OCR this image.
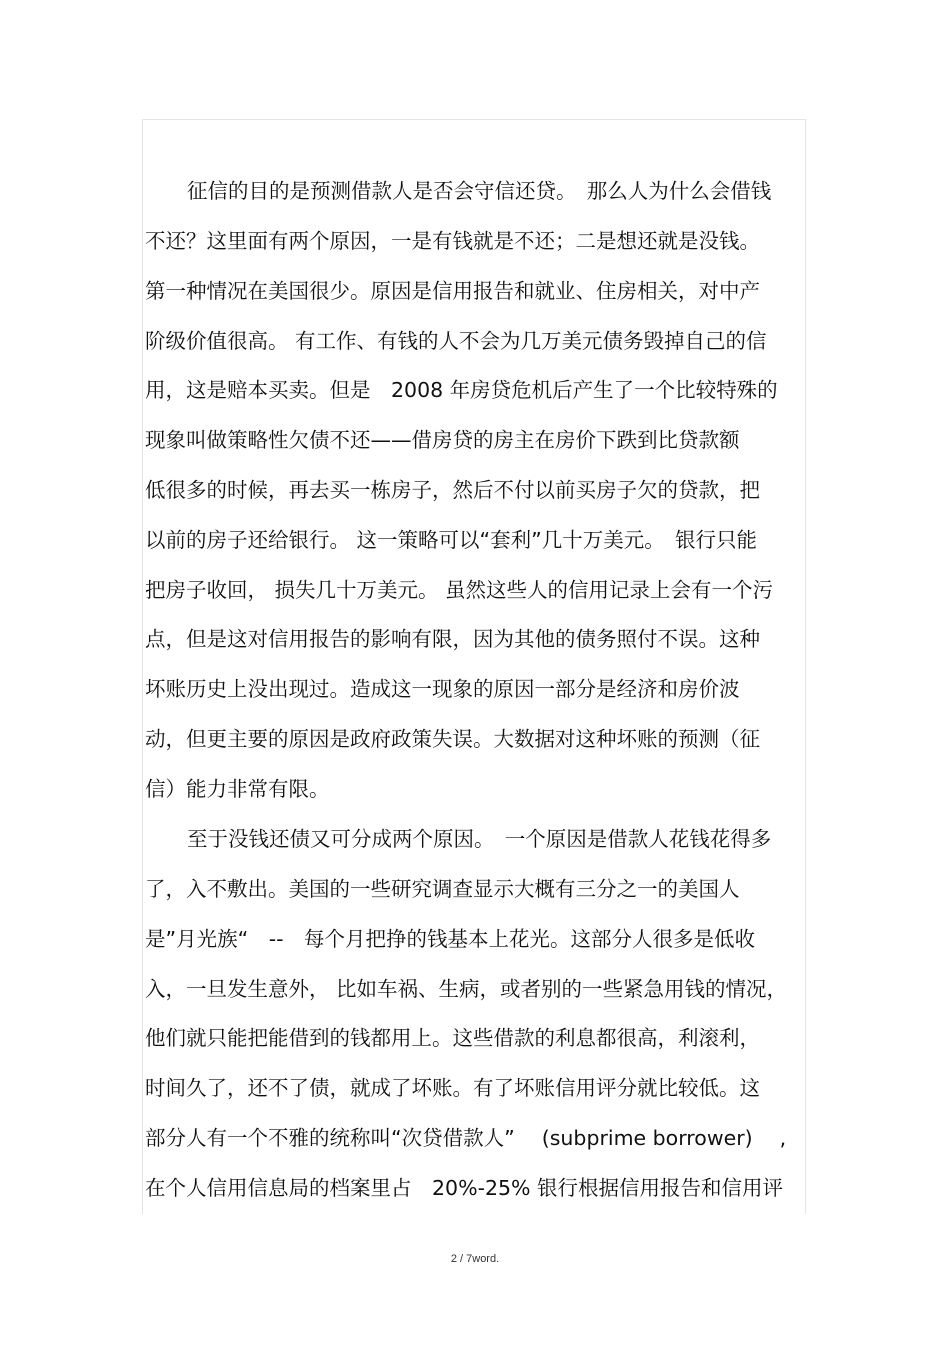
征信的目的是预测借款人是否会守信还贷。　那么人为什么会借钱
不还？这里面有两个原因，一是有钱就是不还；二是想还就是没钱。
第一种情况在美国很少。原因是信用报告和就业、住房相关，对中产
阶级价值很高。 有工作、有钱的人不会为几万美元债务毁掉自己的信
用，这是赔本买卖。但是　2008 年房贷危机后产生了一个比较特殊的
现象叫做策略性欠债不还——借房贷的房主在房价下跌到比贷款额
低很多的时候，再去买一栋房子，然后不付以前买房子欠的贷款，把
以前的房子还给银行。 这一策略可以“套利”几十万美元。　银行只能
把房子收回， 损失几十万美元。 虽然这些人的信用记录上会有一个污
点，但是这对信用报告的影响有限，因为其他的债务照付不误。这种
坏账历史上没出现过。造成这一现象的原因一部分是经济和房价波
动，但更主要的原因是政府政策失误。大数据对这种坏账的预测（征
信）能力非常有限。
至于没钱还债又可分成两个原因。　一个原因是借款人花钱花得多
了，入不敷出。美国的一些研究调查显示大概有三分之一的美国人
是”月光族“　--　每个月把挣的钱基本上花光。这部分人很多是低收
入，一旦发生意外， 比如车祸、生病，或者别的一些紧急用钱的情况，
他们就只能把能借到的钱都用上。这些借款的利息都很高，利滚利，
时间久了，还不了债，就成了坏账。有了坏账信用评分就比较低。这
部分人有一个不雅的统称叫“次贷借款人”　 (subprime borrower)　 ,
在个人信用信息局的档案里占　20%-25% 银行根据信用报告和信用评
2 / 7word.
